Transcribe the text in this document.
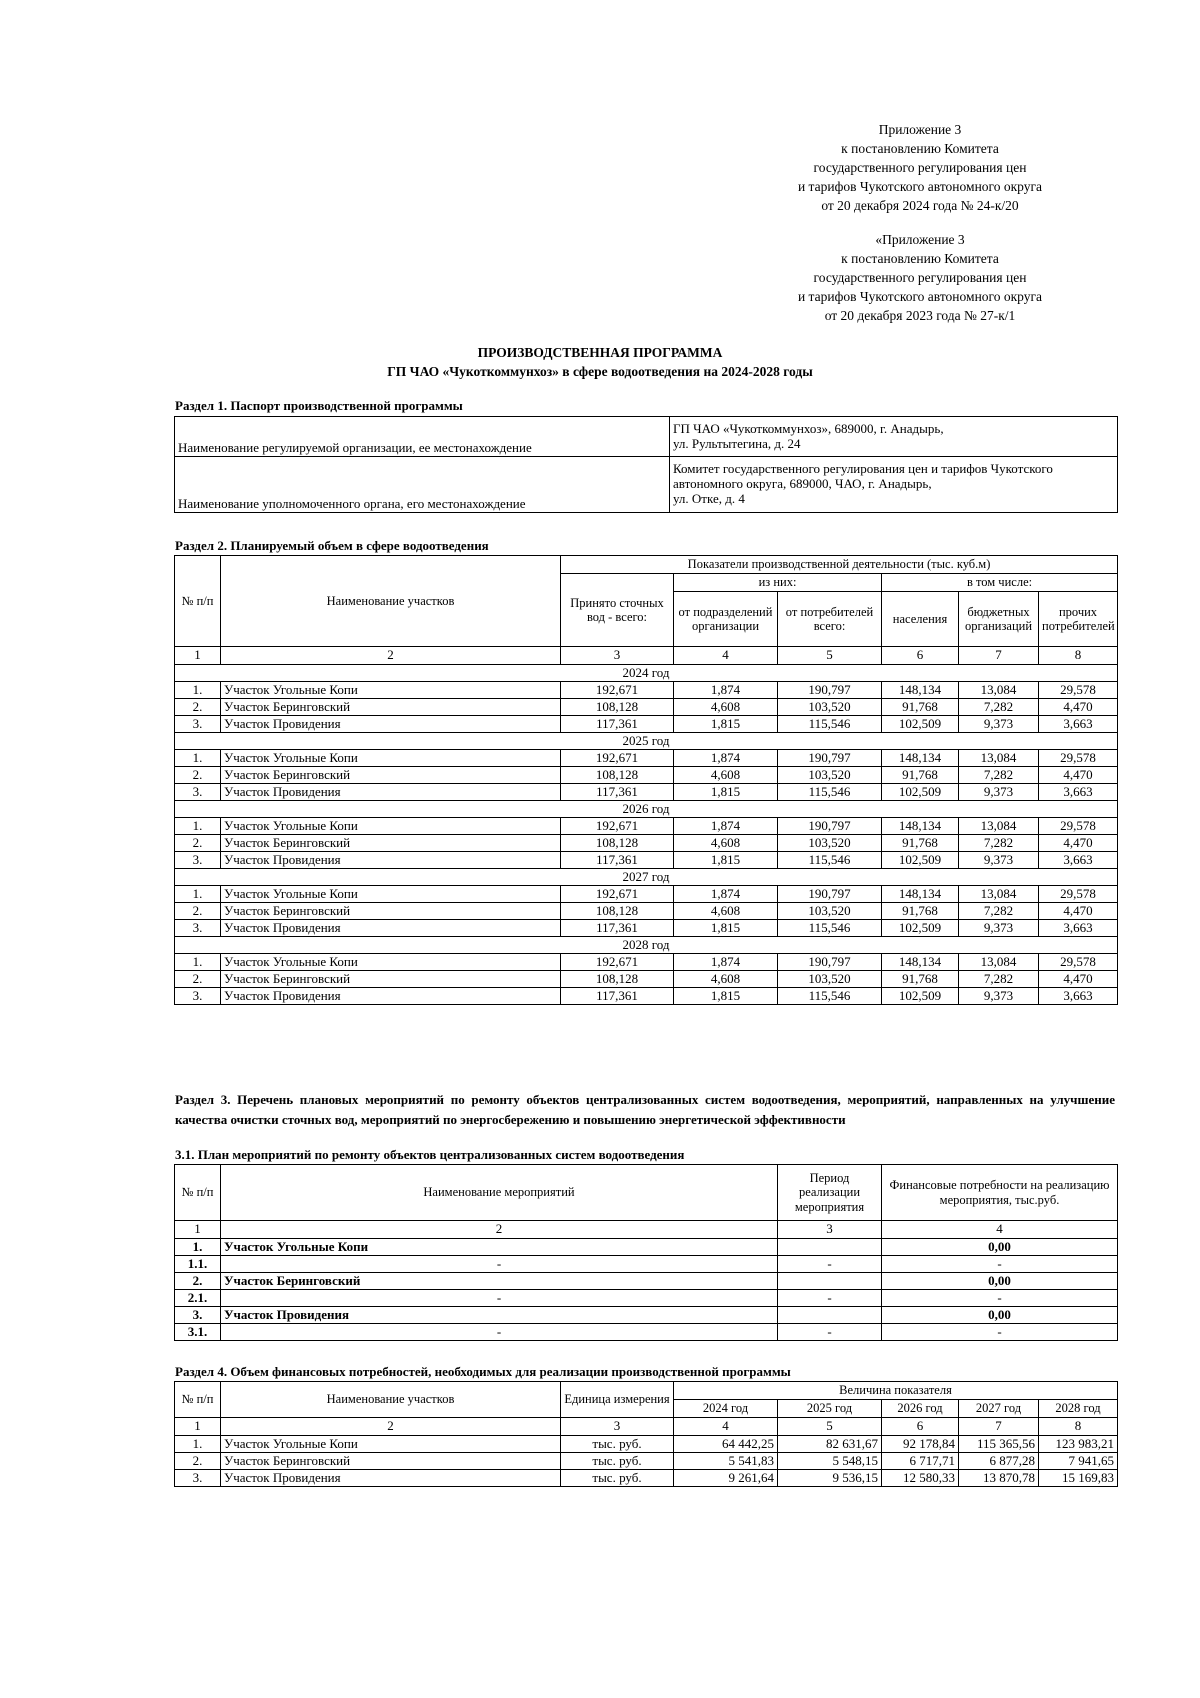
Приложение 3
к постановлению Комитета
государственного регулирования цен
и тарифов Чукотского автономного округа
от 20 декабря 2024 года № 24-к/20
«Приложение 3
к постановлению Комитета
государственного регулирования цен
и тарифов Чукотского автономного округа
от 20 декабря 2023 года № 27-к/1
ПРОИЗВОДСТВЕННАЯ ПРОГРАММА
ГП ЧАО «Чукоткоммунхоз» в сфере водоотведения на 2024-2028 годы
Раздел 1. Паспорт производственной программы
Наименование регулируемой организации, ее местонахождение	ГП ЧАО «Чукоткоммунхоз», 689000, г. Анадырь,
ул. Рультытегина, д. 24

Наименование уполномоченного органа, его местонахождение	Комитет государственного регулирования цен и тарифов Чукотского
автономного округа, 689000, ЧАО, г. Анадырь,
ул. Отке, д. 4
Раздел 2. Планируемый объем в сфере водоотведения
№ п/п	Наименование участков	Показатели производственной деятельности (тыс. куб.м)					
		Принято сточных вод - всего:	из них:		в том числе:		
			от подразделений организации	от потребителей всего:	населения	бюджетных организаций	прочих потребителей
1	2	3	4	5	6	7	8
2024 год							
1.	Участок Угольные Копи	192,671	1,874	190,797	148,134	13,084	29,578
2.	Участок Беринговский	108,128	4,608	103,520	91,768	7,282	4,470
3.	Участок Провидения	117,361	1,815	115,546	102,509	9,373	3,663
2025 год							
1.	Участок Угольные Копи	192,671	1,874	190,797	148,134	13,084	29,578
2.	Участок Беринговский	108,128	4,608	103,520	91,768	7,282	4,470
3.	Участок Провидения	117,361	1,815	115,546	102,509	9,373	3,663
2026 год							
1.	Участок Угольные Копи	192,671	1,874	190,797	148,134	13,084	29,578
2.	Участок Беринговский	108,128	4,608	103,520	91,768	7,282	4,470
3.	Участок Провидения	117,361	1,815	115,546	102,509	9,373	3,663
2027 год							
1.	Участок Угольные Копи	192,671	1,874	190,797	148,134	13,084	29,578
2.	Участок Беринговский	108,128	4,608	103,520	91,768	7,282	4,470
3.	Участок Провидения	117,361	1,815	115,546	102,509	9,373	3,663
2028 год							
1.	Участок Угольные Копи	192,671	1,874	190,797	148,134	13,084	29,578
2.	Участок Беринговский	108,128	4,608	103,520	91,768	7,282	4,470
3.	Участок Провидения	117,361	1,815	115,546	102,509	9,373	3,663
Раздел 3. Перечень плановых мероприятий по ремонту объектов централизованных систем водоотведения, мероприятий, направленных на улучшение качества очистки сточных вод, мероприятий по энергосбережению и повышению энергетической эффективности
3.1. План мероприятий по ремонту объектов централизованных систем водоотведения
№ п/п	Наименование мероприятий	Период реализации мероприятия	Финансовые потребности на реализацию мероприятия, тыс.руб.
1	2	3	4
1.	Участок Угольные Копи		0,00
1.1.	-	-	-
2.	Участок Беринговский		0,00
2.1.	-	-	-
3.	Участок Провидения		0,00
3.1.	-	-	-
Раздел 4. Объем финансовых потребностей, необходимых для реализации производственной программы
№ п/п	Наименование участков	Единица измерения	Величина показателя				
			2024 год	2025 год	2026 год	2027 год	2028 год
1	2	3	4	5	6	7	8
1.	Участок Угольные Копи	тыс. руб.	64 442,25	82 631,67	92 178,84	115 365,56	123 983,21
2.	Участок Беринговский	тыс. руб.	5 541,83	5 548,15	6 717,71	6 877,28	7 941,65
3.	Участок Провидения	тыс. руб.	9 261,64	9 536,15	12 580,33	13 870,78	15 169,83
